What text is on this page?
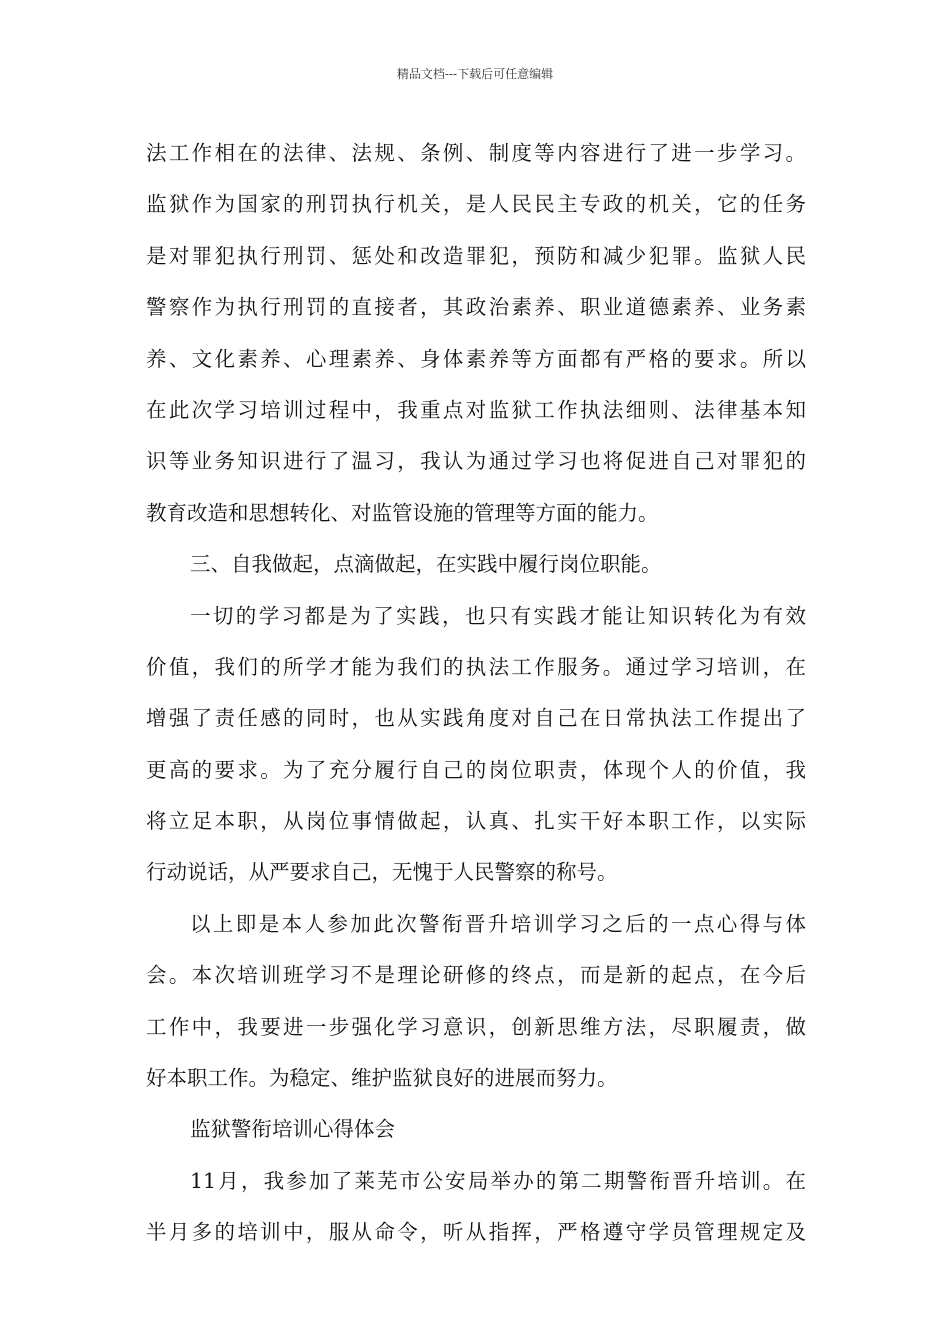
精品文档---下载后可任意编辑
法工作相在的法律、法规、条例、制度等内容进行了进一步学习。
监狱作为国家的刑罚执行机关，是人民民主专政的机关，它的任务
是对罪犯执行刑罚、惩处和改造罪犯，预防和减少犯罪。监狱人民
警察作为执行刑罚的直接者，其政治素养、职业道德素养、业务素
养、文化素养、心理素养、身体素养等方面都有严格的要求。所以
在此次学习培训过程中，我重点对监狱工作执法细则、法律基本知
识等业务知识进行了温习，我认为通过学习也将促进自己对罪犯的
教育改造和思想转化、对监管设施的管理等方面的能力。
三、自我做起，点滴做起，在实践中履行岗位职能。
一切的学习都是为了实践，也只有实践才能让知识转化为有效
价值，我们的所学才能为我们的执法工作服务。通过学习培训，在
增强了责任感的同时，也从实践角度对自己在日常执法工作提出了
更高的要求。为了充分履行自己的岗位职责，体现个人的价值，我
将立足本职，从岗位事情做起，认真、扎实干好本职工作，以实际
行动说话，从严要求自己，无愧于人民警察的称号。
以上即是本人参加此次警衔晋升培训学习之后的一点心得与体
会。本次培训班学习不是理论研修的终点，而是新的起点，在今后
工作中，我要进一步强化学习意识，创新思维方法，尽职履责，做
好本职工作。为稳定、维护监狱良好的进展而努力。
监狱警衔培训心得体会
11月，我参加了莱芜市公安局举办的第二期警衔晋升培训。在
半月多的培训中，服从命令，听从指挥，严格遵守学员管理规定及
